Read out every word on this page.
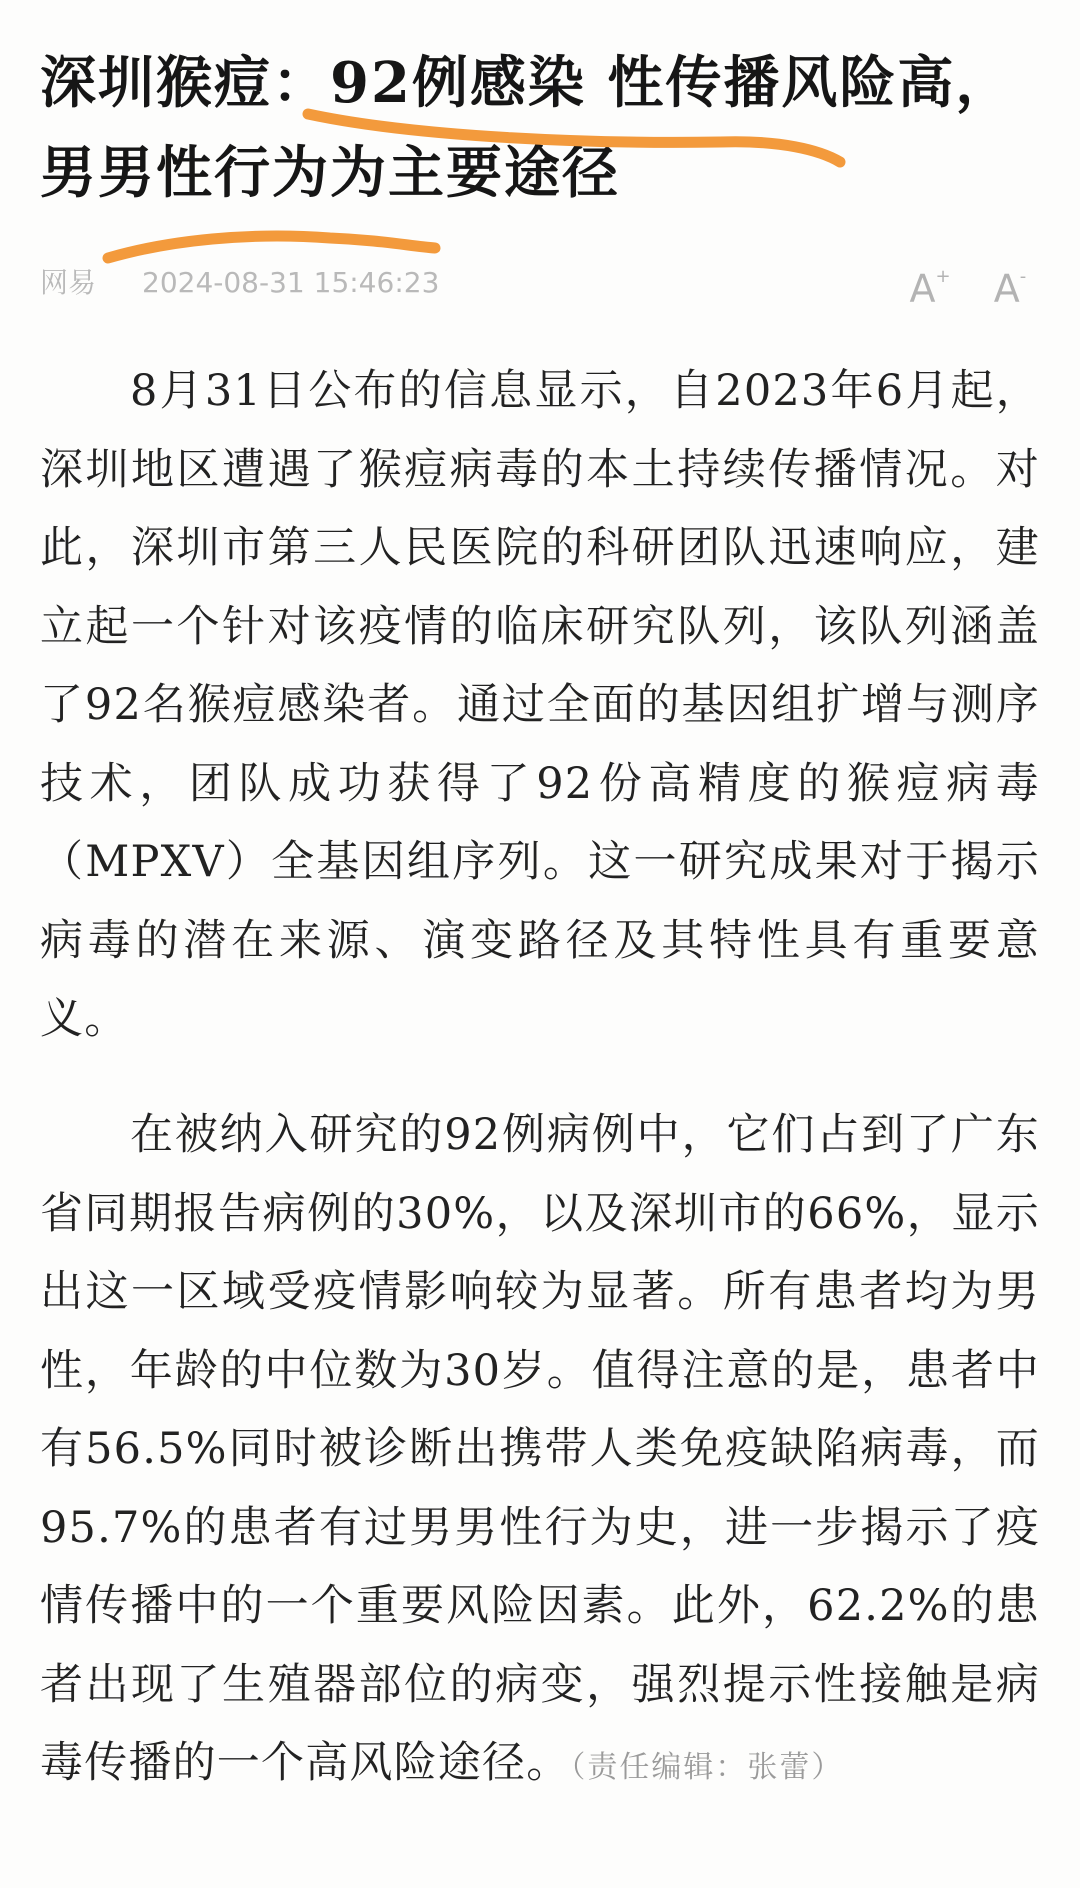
深圳猴痘：92例感染 性传播风险高，男男性行为为主要途径
网易 2024-08-31 15:46:23	A+	A-

8月31日公布的信息显示，自2023年6月起，深圳地区遭遇了猴痘病毒的本土持续传播情况。对此，深圳市第三人民医院的科研团队迅速响应，建立起一个针对该疫情的临床研究队列，该队列涵盖了92名猴痘感染者。通过全面的基因组扩增与测序技术，团队成功获得了92份高精度的猴痘病毒（MPXV）全基因组序列。这一研究成果对于揭示病毒的潜在来源、演变路径及其特性具有重要意义。

在被纳入研究的92例病例中，它们占到了广东省同期报告病例的30%，以及深圳市的66%，显示出这一区域受疫情影响较为显著。所有患者均为男性，年龄的中位数为30岁。值得注意的是，患者中有56.5%同时被诊断出携带人类免疫缺陷病毒，而95.7%的患者有过男男性行为史，进一步揭示了疫情传播中的一个重要风险因素。此外，62.2%的患者出现了生殖器部位的病变，强烈提示性接触是病毒传播的一个高风险途径。（责任编辑：张蕾）
